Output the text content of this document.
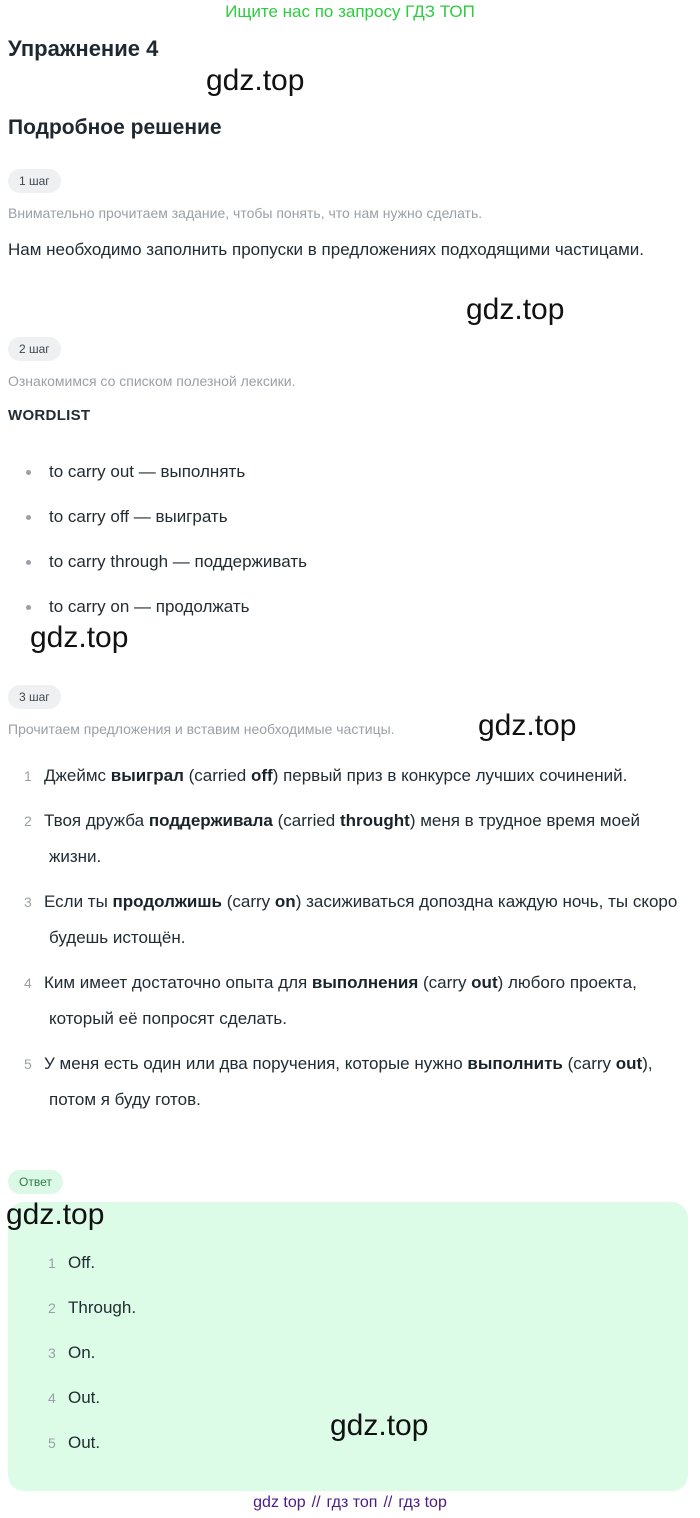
Ищите нас по запросу ГДЗ ТОП
Упражнение 4
gdz.top
Подробное решение
1 шаг
Внимательно прочитаем задание, чтобы понять, что нам нужно сделать.
Нам необходимо заполнить пропуски в предложениях подходящими частицами.
gdz.top
2 шаг
Ознакомимся со списком полезной лексики.
WORDLIST
to carry out — выполнять
to carry off — выиграть
to carry through — поддерживать
to carry on — продолжать
gdz.top
3 шаг
Прочитаем предложения и вставим необходимые частицы.	gdz.top
1 Джеймс выиграл (carried off) первый приз в конкурсе лучших сочинений.
2 Твоя дружба поддерживала (carried throught) меня в трудное время моей жизни.
3 Если ты продолжишь (carry on) засиживаться допоздна каждую ночь, ты скоро будешь истощён.
4 Ким имеет достаточно опыта для выполнения (carry out) любого проекта, который её попросят сделать.
5 У меня есть один или два поручения, которые нужно выполнить (carry out), потом я буду готов.
Ответ
gdz.top
1 Off.
2 Through.
3 On.
4 Out.
5 Out.
gdz.top
gdz top // гдз топ // гдз top
